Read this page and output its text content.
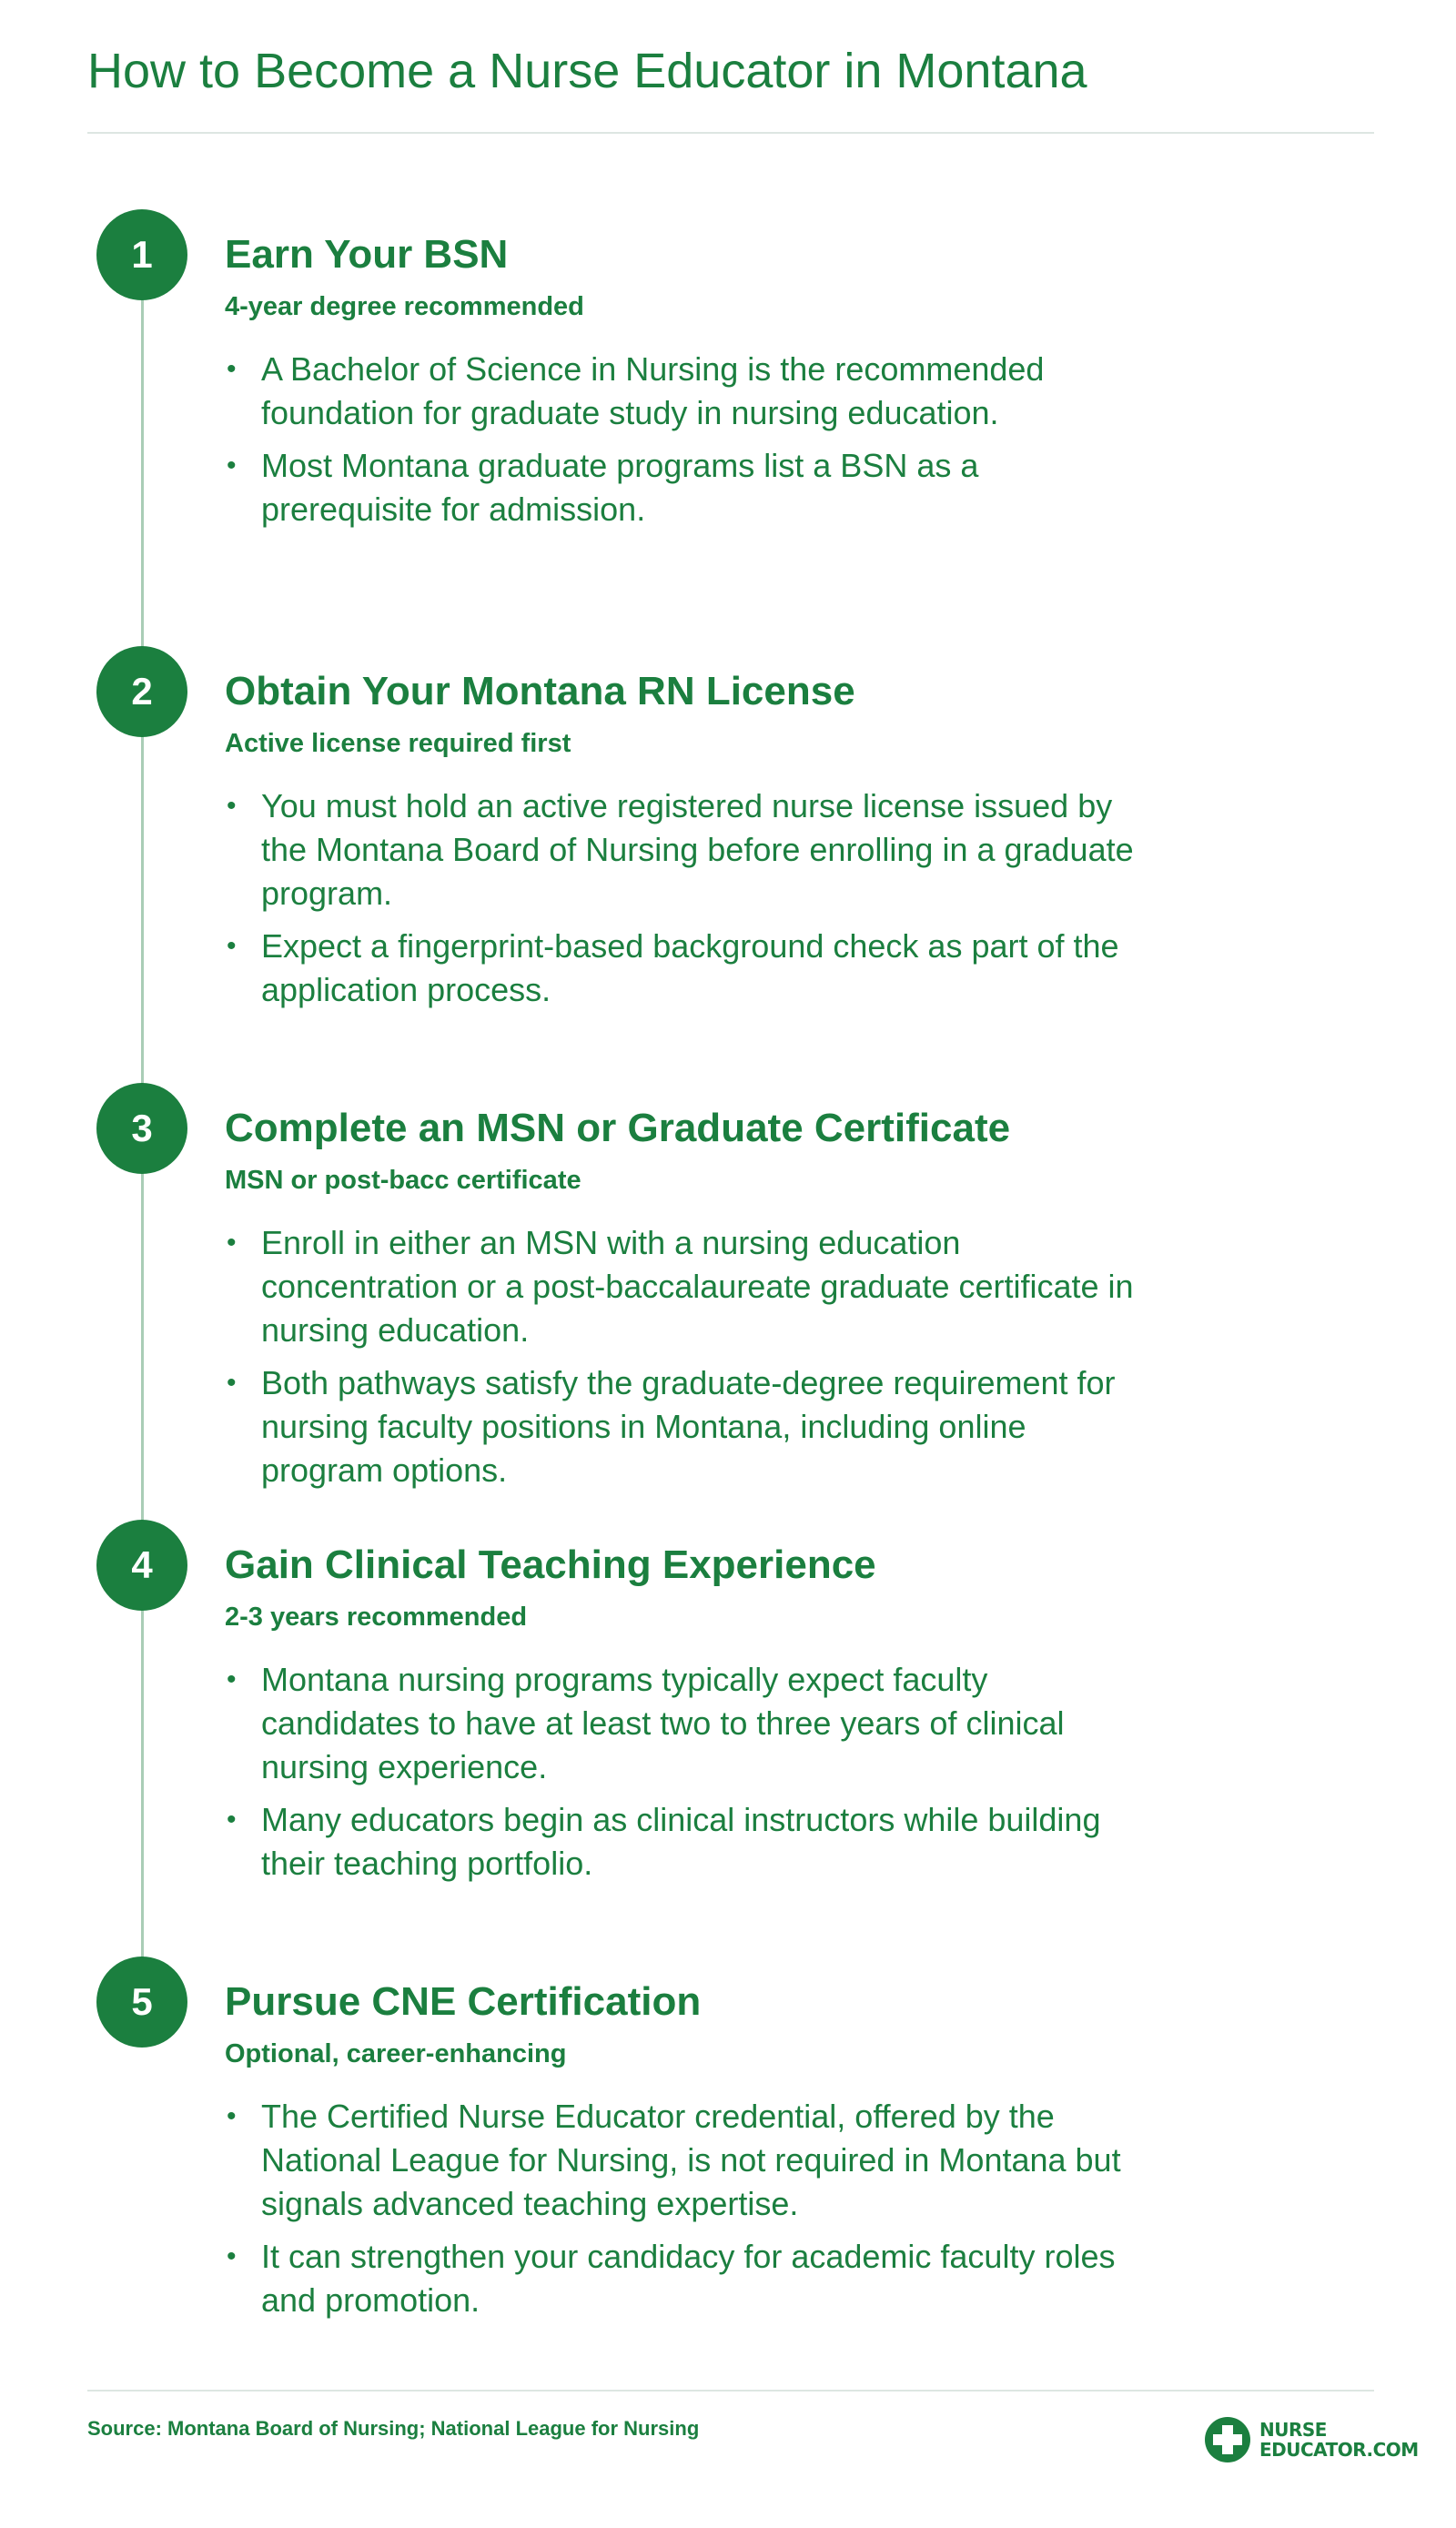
How to Become a Nurse Educator in Montana
1	Earn Your BSN

4-year degree recommended

• A Bachelor of Science in Nursing is the recommended foundation for graduate study in nursing education.
• Most Montana graduate programs list a BSN as a prerequisite for admission.
2	Obtain Your Montana RN License

Active license required first

• You must hold an active registered nurse license issued by the Montana Board of Nursing before enrolling in a graduate program.
• Expect a fingerprint-based background check as part of the application process.
3	Complete an MSN or Graduate Certificate

MSN or post-bacc certificate

• Enroll in either an MSN with a nursing education concentration or a post-baccalaureate graduate certificate in nursing education.
• Both pathways satisfy the graduate-degree requirement for nursing faculty positions in Montana, including online program options.
4	Gain Clinical Teaching Experience

2-3 years recommended

• Montana nursing programs typically expect faculty candidates to have at least two to three years of clinical nursing experience.
• Many educators begin as clinical instructors while building their teaching portfolio.
5	Pursue CNE Certification

Optional, career-enhancing

• The Certified Nurse Educator credential, offered by the National League for Nursing, is not required in Montana but signals advanced teaching expertise.
• It can strengthen your candidacy for academic faculty roles and promotion.

Source: Montana Board of Nursing; National League for Nursing	NURSE
EDUCATOR.COM
